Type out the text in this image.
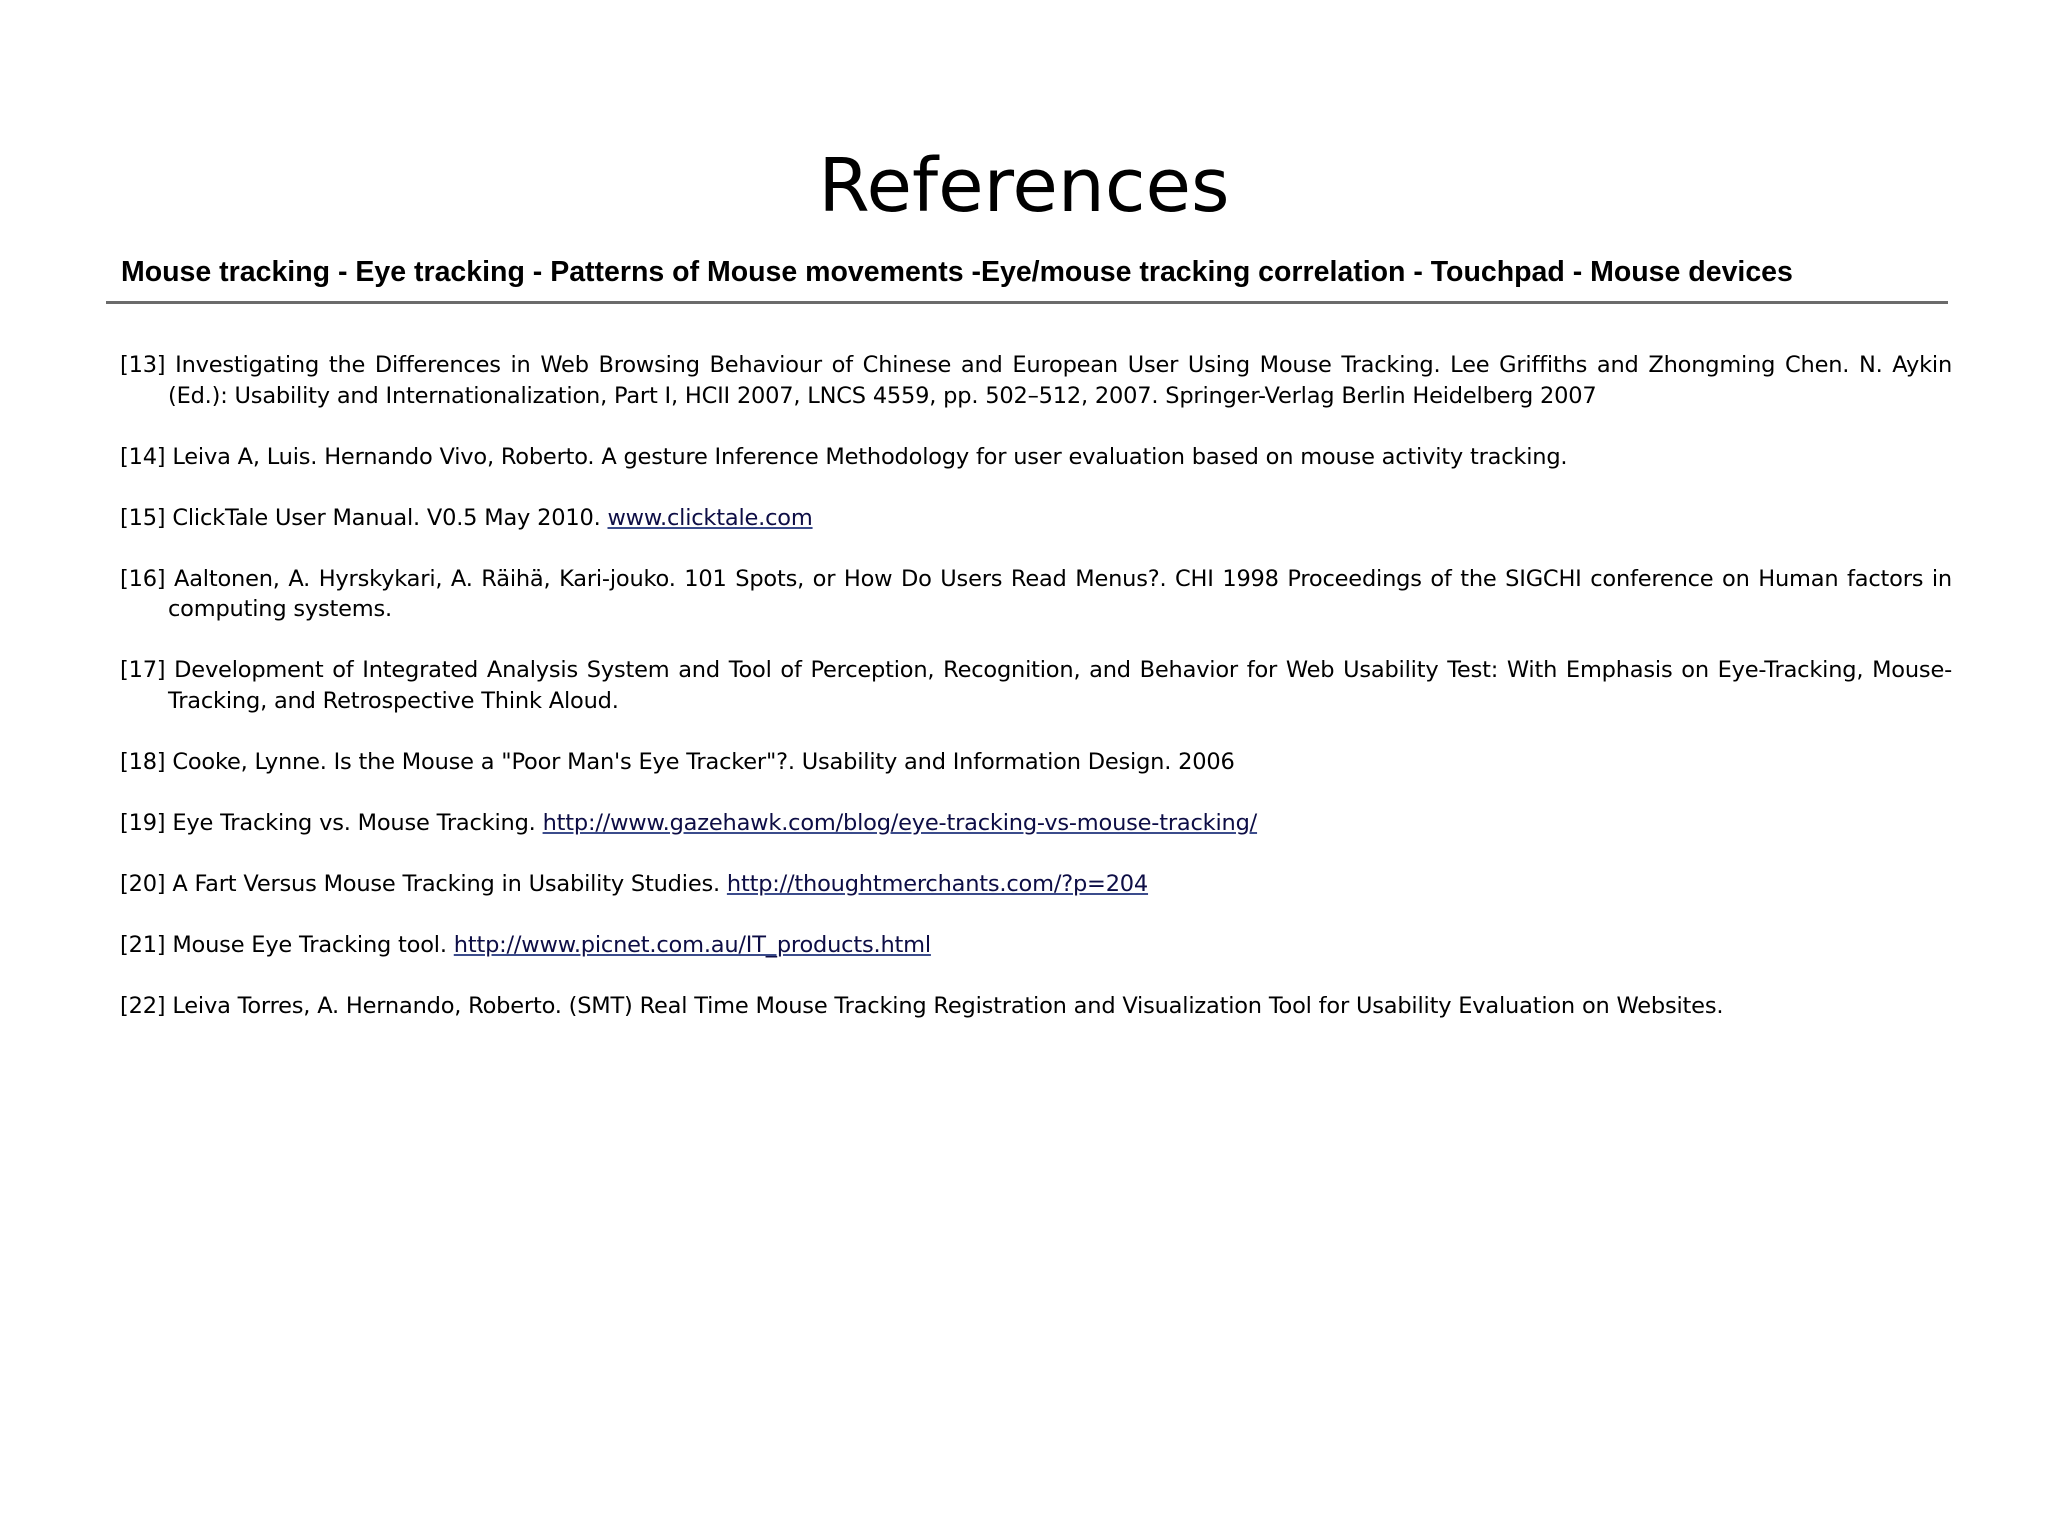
References
Mouse tracking - Eye tracking - Patterns of Mouse movements -Eye/mouse tracking correlation - Touchpad - Mouse devices
[13] Investigating the Differences in Web Browsing Behaviour of Chinese and European User Using Mouse Tracking. Lee Griffiths and Zhongming Chen. N. Aykin (Ed.): Usability and Internationalization, Part I, HCII 2007, LNCS 4559, pp. 502–512, 2007. Springer-Verlag Berlin Heidelberg 2007
[14] Leiva A, Luis. Hernando Vivo, Roberto. A gesture Inference Methodology for user evaluation based on mouse activity tracking.
[15] ClickTale User Manual. V0.5 May 2010. www.clicktale.com
[16] Aaltonen, A. Hyrskykari, A. Räihä, Kari-jouko. 101 Spots, or How Do Users Read Menus?. CHI 1998 Proceedings of the SIGCHI conference on Human factors in computing systems.
[17] Development of Integrated Analysis System and Tool of Perception, Recognition, and Behavior for Web Usability Test: With Emphasis on Eye-Tracking, Mouse-Tracking, and Retrospective Think Aloud.
[18] Cooke, Lynne. Is the Mouse a "Poor Man's Eye Tracker"?. Usability and Information Design. 2006
[19] Eye Tracking vs. Mouse Tracking. http://www.gazehawk.com/blog/eye-tracking-vs-mouse-tracking/
[20] A Fart Versus Mouse Tracking in Usability Studies. http://thoughtmerchants.com/?p=204
[21] Mouse Eye Tracking tool. http://www.picnet.com.au/IT_products.html
[22] Leiva Torres, A. Hernando, Roberto. (SMT) Real Time Mouse Tracking Registration and Visualization Tool for Usability Evaluation on Websites.
